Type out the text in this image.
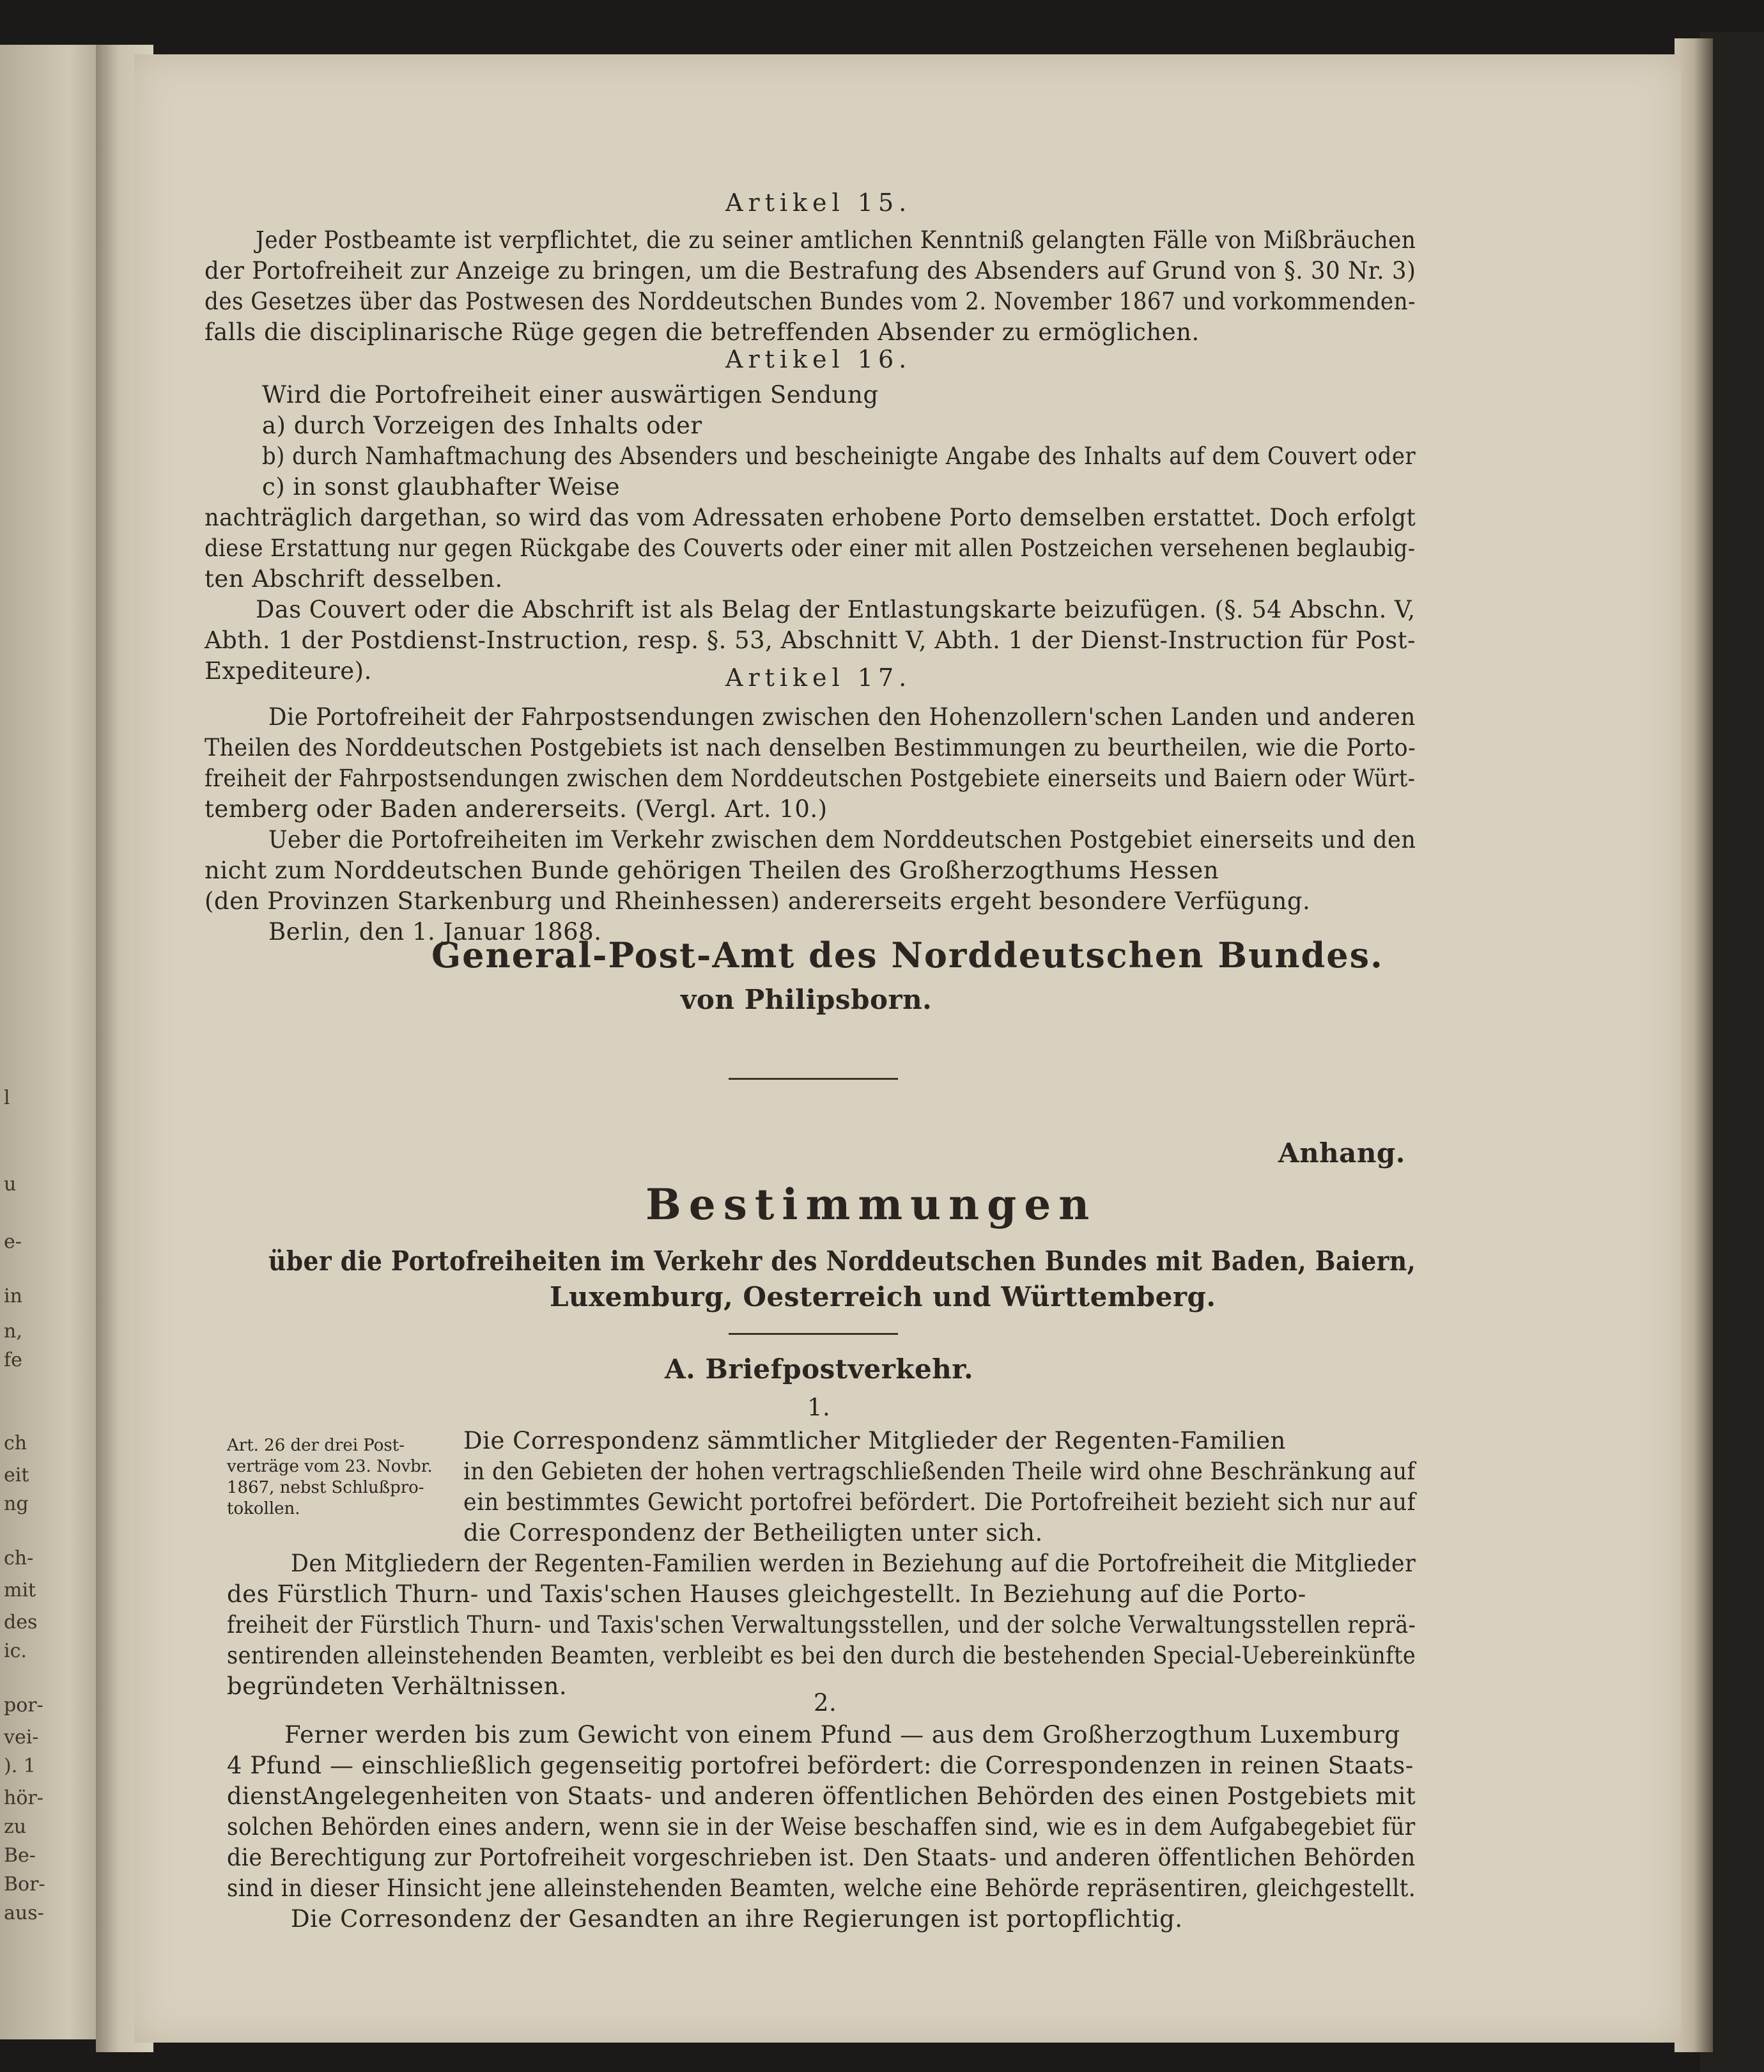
l
u
e-
in
n,
fe
ch
eit
ng
ch-
mit
des
ic.
por-
vei-
). 1
hör-
zu
Be-
Bor-
aus-
Artikel 15.
Jeder Postbeamte ist verpflichtet, die zu seiner amtlichen Kenntniß gelangten Fälle von Mißbräuchen
der Portofreiheit zur Anzeige zu bringen, um die Bestrafung des Absenders auf Grund von §. 30 Nr. 3)
des Gesetzes über das Postwesen des Norddeutschen Bundes vom 2. November 1867 und vorkommenden-
falls die disciplinarische Rüge gegen die betreffenden Absender zu ermöglichen.
Artikel 16.
Wird die Portofreiheit einer auswärtigen Sendung
a) durch Vorzeigen des Inhalts oder
b) durch Namhaftmachung des Absenders und bescheinigte Angabe des Inhalts auf dem Couvert oder
c) in sonst glaubhafter Weise
nachträglich dargethan, so wird das vom Adressaten erhobene Porto demselben erstattet. Doch erfolgt
diese Erstattung nur gegen Rückgabe des Couverts oder einer mit allen Postzeichen versehenen beglaubig-
ten Abschrift desselben.
Das Couvert oder die Abschrift ist als Belag der Entlastungskarte beizufügen. (§. 54 Abschn. V,
Abth. 1 der Postdienst-Instruction, resp. §. 53, Abschnitt V, Abth. 1 der Dienst-Instruction für Post-
Expediteure).	Artikel 17.
Die Portofreiheit der Fahrpostsendungen zwischen den Hohenzollern'schen Landen und anderen
Theilen des Norddeutschen Postgebiets ist nach denselben Bestimmungen zu beurtheilen, wie die Porto-
freiheit der Fahrpostsendungen zwischen dem Norddeutschen Postgebiete einerseits und Baiern oder Würt-
temberg oder Baden andererseits. (Vergl. Art. 10.)
Ueber die Portofreiheiten im Verkehr zwischen dem Norddeutschen Postgebiet einerseits und den
nicht zum Norddeutschen Bunde gehörigen Theilen des Großherzogthums Hessen
(den Provinzen Starkenburg und Rheinhessen) andererseits ergeht besondere Verfügung.
Berlin, den 1. Januar 1868.
General-Post-Amt des Norddeutschen Bundes.
von Philipsborn.
Anhang.
Bestimmungen
über die Portofreiheiten im Verkehr des Norddeutschen Bundes mit Baden, Baiern,
Luxemburg, Oesterreich und Württemberg.
A. Briefpostverkehr.
1.
Art. 26 der drei Post-
verträge vom 23. Novbr.
1867, nebst Schlußpro-
tokollen.
Die Correspondenz sämmtlicher Mitglieder der Regenten-Familien
in den Gebieten der hohen vertragschließenden Theile wird ohne Beschränkung auf
ein bestimmtes Gewicht portofrei befördert. Die Portofreiheit bezieht sich nur auf
die Correspondenz der Betheiligten unter sich.
Den Mitgliedern der Regenten-Familien werden in Beziehung auf die Portofreiheit die Mitglieder
des Fürstlich Thurn- und Taxis'schen Hauses gleichgestellt. In Beziehung auf die Porto-
freiheit der Fürstlich Thurn- und Taxis'schen Verwaltungsstellen, und der solche Verwaltungsstellen reprä-
sentirenden alleinstehenden Beamten, verbleibt es bei den durch die bestehenden Special-Uebereinkünfte
begründeten Verhältnissen.
2.
Ferner werden bis zum Gewicht von einem Pfund — aus dem Großherzogthum Luxemburg
4 Pfund — einschließlich gegenseitig portofrei befördert: die Correspondenzen in reinen Staats-
dienstAngelegenheiten von Staats- und anderen öffentlichen Behörden des einen Postgebiets mit
solchen Behörden eines andern, wenn sie in der Weise beschaffen sind, wie es in dem Aufgabegebiet für
die Berechtigung zur Portofreiheit vorgeschrieben ist. Den Staats- und anderen öffentlichen Behörden
sind in dieser Hinsicht jene alleinstehenden Beamten, welche eine Behörde repräsentiren, gleichgestellt.
Die Corresondenz der Gesandten an ihre Regierungen ist portopflichtig.
